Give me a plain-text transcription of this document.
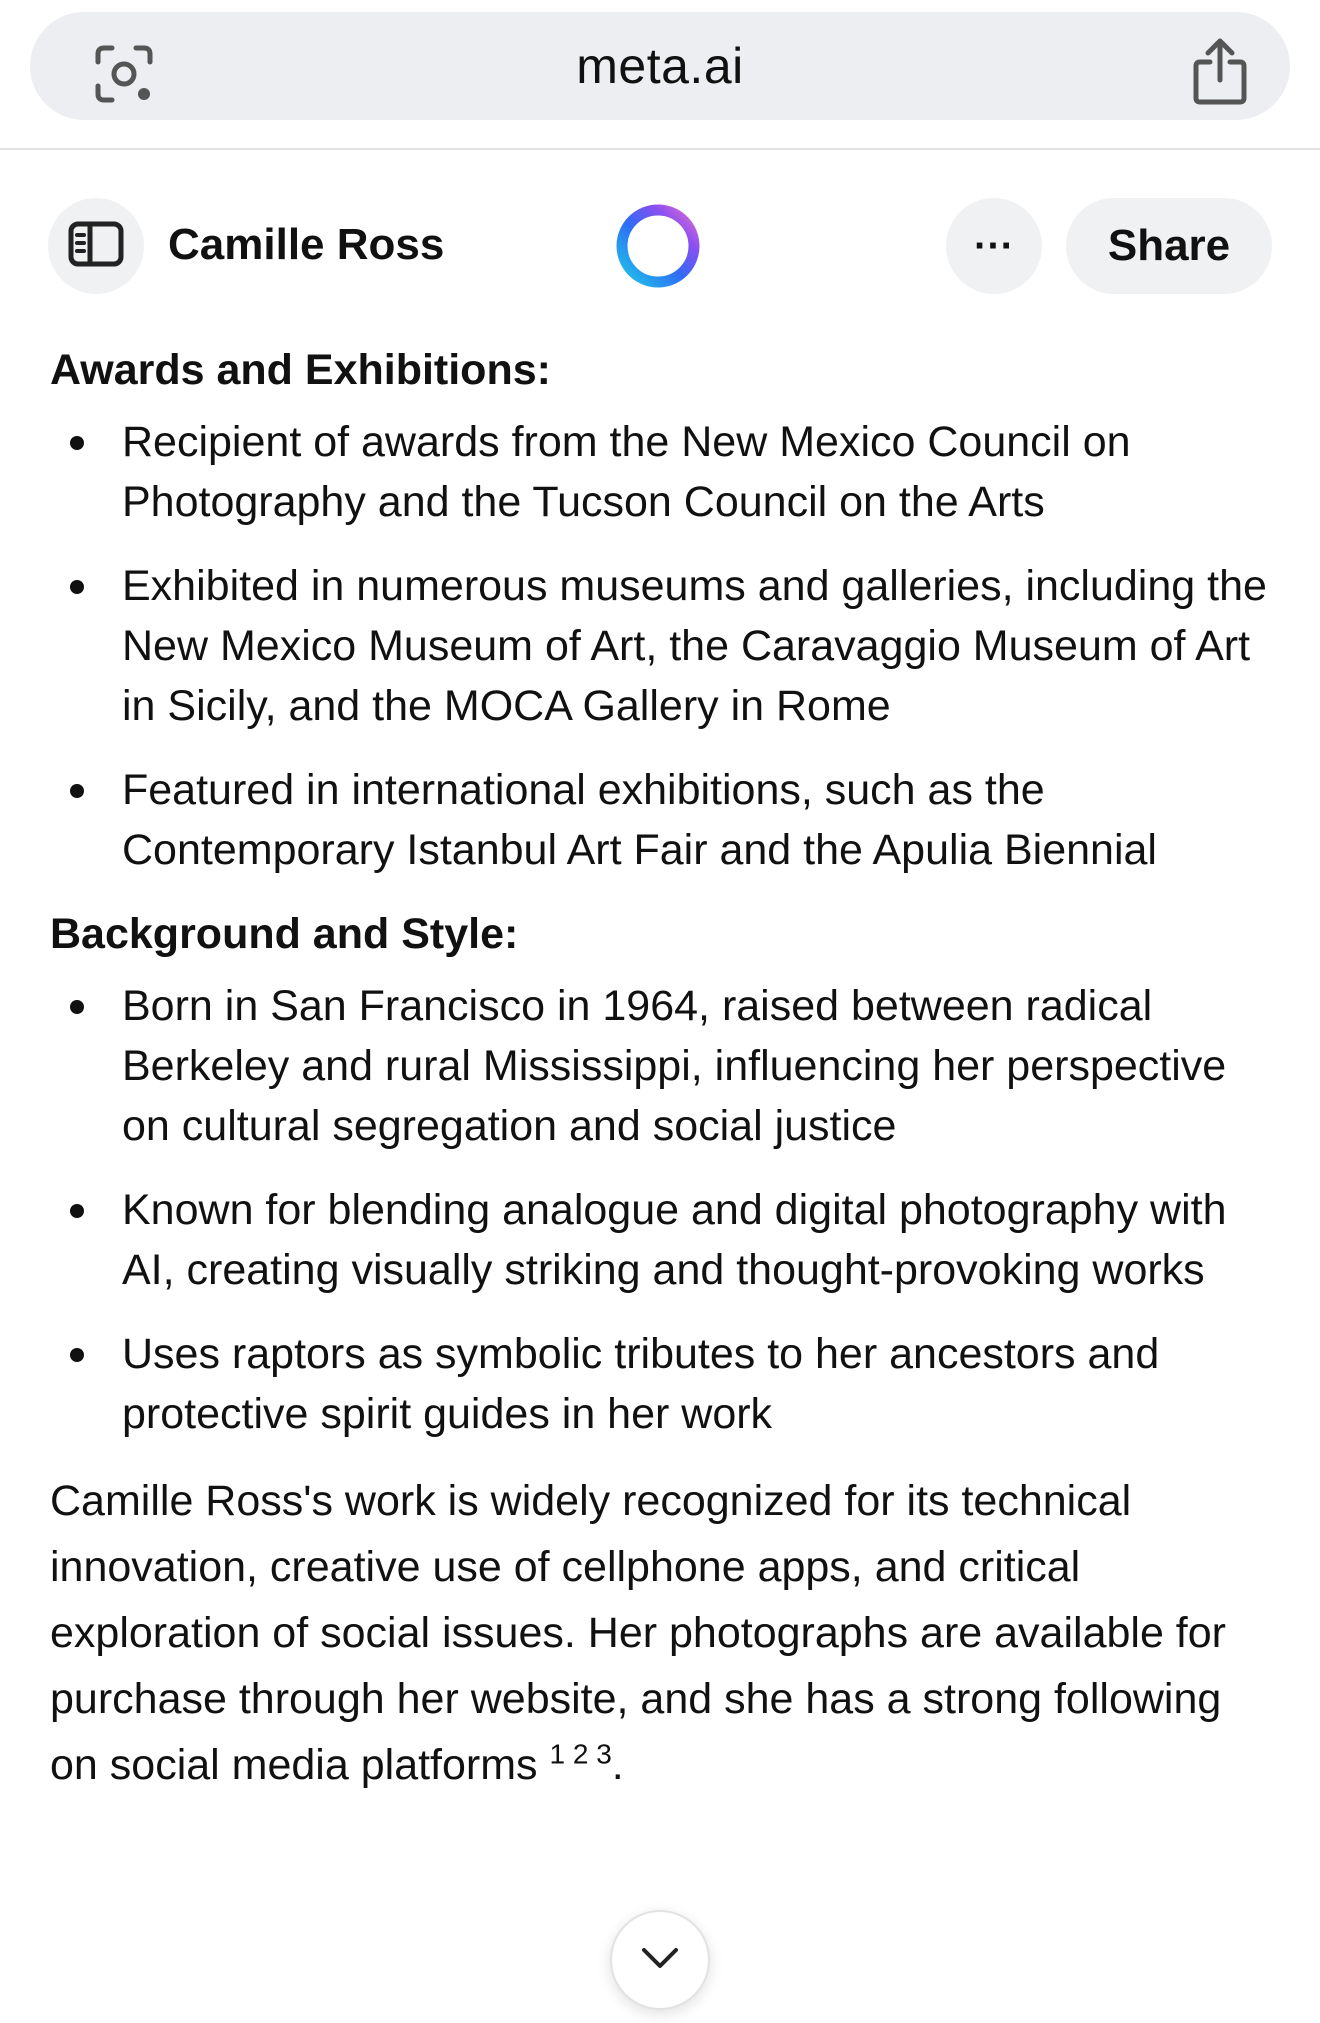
meta.ai
Camille Ross	···	Share
Awards and Exhibitions:
Recipient of awards from the New Mexico Council on Photography and the Tucson Council on the Arts
Exhibited in numerous museums and galleries, including the New Mexico Museum of Art, the Caravaggio Museum of Art in Sicily, and the MOCA Gallery in Rome
Featured in international exhibitions, such as the Contemporary Istanbul Art Fair and the Apulia Biennial
Background and Style:
Born in San Francisco in 1964, raised between radical Berkeley and rural Mississippi, influencing her perspective on cultural segregation and social justice
Known for blending analogue and digital photography with AI, creating visually striking and thought-provoking works
Uses raptors as symbolic tributes to her ancestors and protective spirit guides in her work
Camille Ross's work is widely recognized for its technical innovation, creative use of cellphone apps, and critical exploration of social issues. Her photographs are available for purchase through her website, and she has a strong following on social media platforms $^{1 2 3}$.
